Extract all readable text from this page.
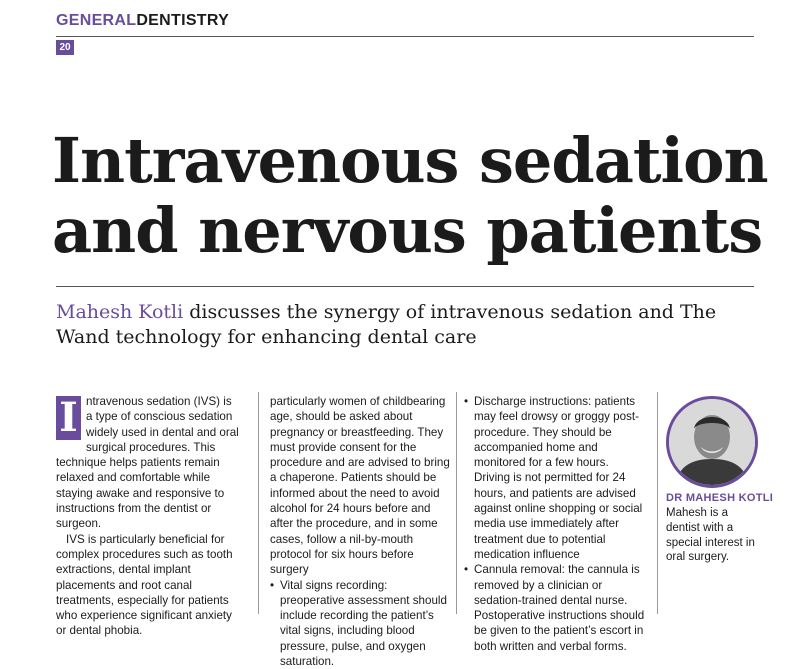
GENERALDENTISTRY
20
Intravenous sedation and nervous patients

Mahesh Kotli discusses the synergy of intravenous sedation and The Wand technology for enhancing dental care

I ntravenous sedation (IVS) is a type of conscious sedation widely used in dental and oral surgical procedures. This technique helps patients remain relaxed and comfortable while staying awake and responsive to instructions from the dentist or surgeon.

IVS is particularly beneficial for complex procedures such as tooth extractions, dental implant placements and root canal treatments, especially for patients who experience significant anxiety or dental phobia.

particularly women of childbearing age, should be asked about pregnancy or breastfeeding. They must provide consent for the procedure and are advised to bring a chaperone. Patients should be informed about the need to avoid alcohol for 24 hours before and after the procedure, and in some cases, follow a nil-by-mouth protocol for six hours before surgery

• Vital signs recording: preoperative assessment should include recording the patient’s vital signs, including blood pressure, pulse, and oxygen saturation.
• Discharge instructions: patients may feel drowsy or groggy post-procedure. They should be accompanied home and monitored for a few hours. Driving is not permitted for 24 hours, and patients are advised against online shopping or social media use immediately after treatment due to potential medication influence
• Cannula removal: the cannula is removed by a clinician or sedation-trained dental nurse. Postoperative instructions should be given to the patient’s escort in both written and verbal forms.
DR MAHESH KOTLI

Mahesh is a dentist with a special interest in oral surgery.
